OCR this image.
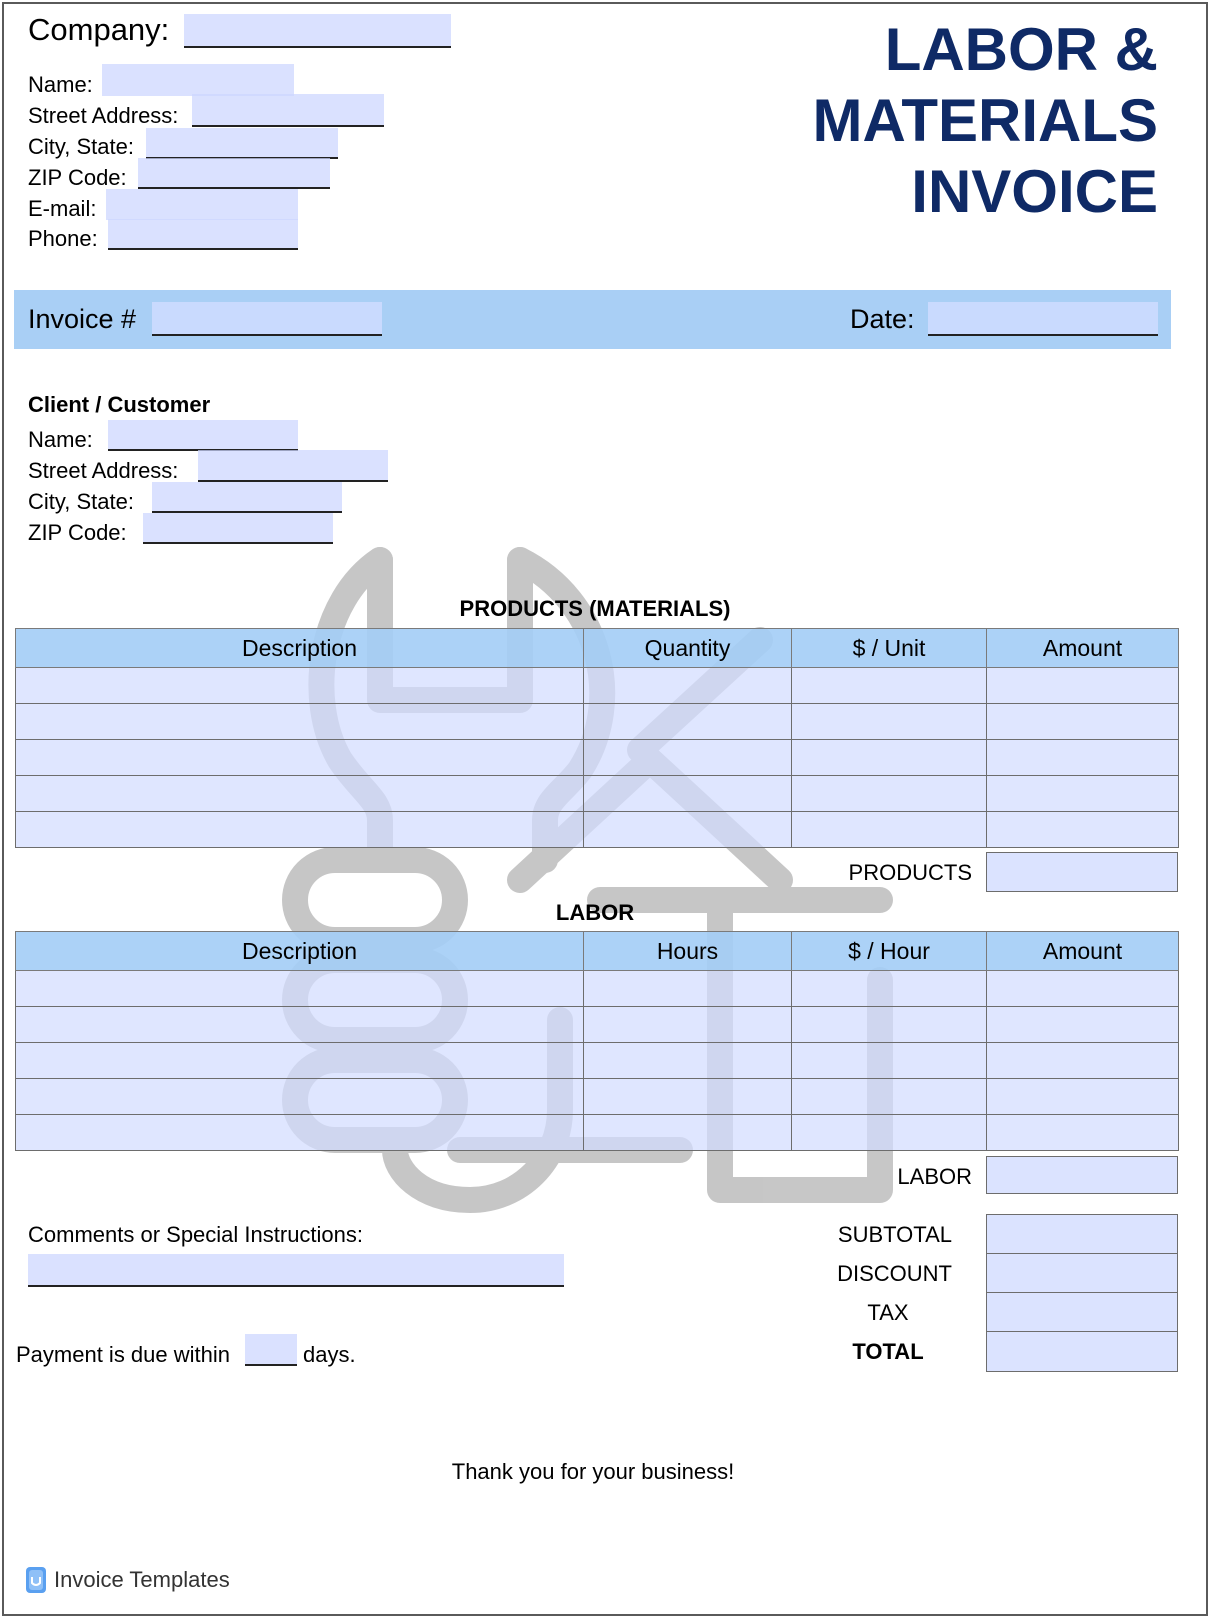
Company:
Name:
Street Address:
City, State:
ZIP Code:
E-mail:
Phone:
LABOR &
MATERIALS
INVOICE
Invoice #	Date:
Client / Customer
Name:
Street Address:
City, State:
ZIP Code:
PRODUCTS (MATERIALS)
Description	Quantity	$ / Unit	Amount

PRODUCTS
LABOR
Description	Hours	$ / Hour	Amount

LABOR
Comments or Special Instructions:	SUBTOTAL
DISCOUNT
TAX
TOTAL
Payment is due within	days.
Thank you for your business!
Invoice Templates
